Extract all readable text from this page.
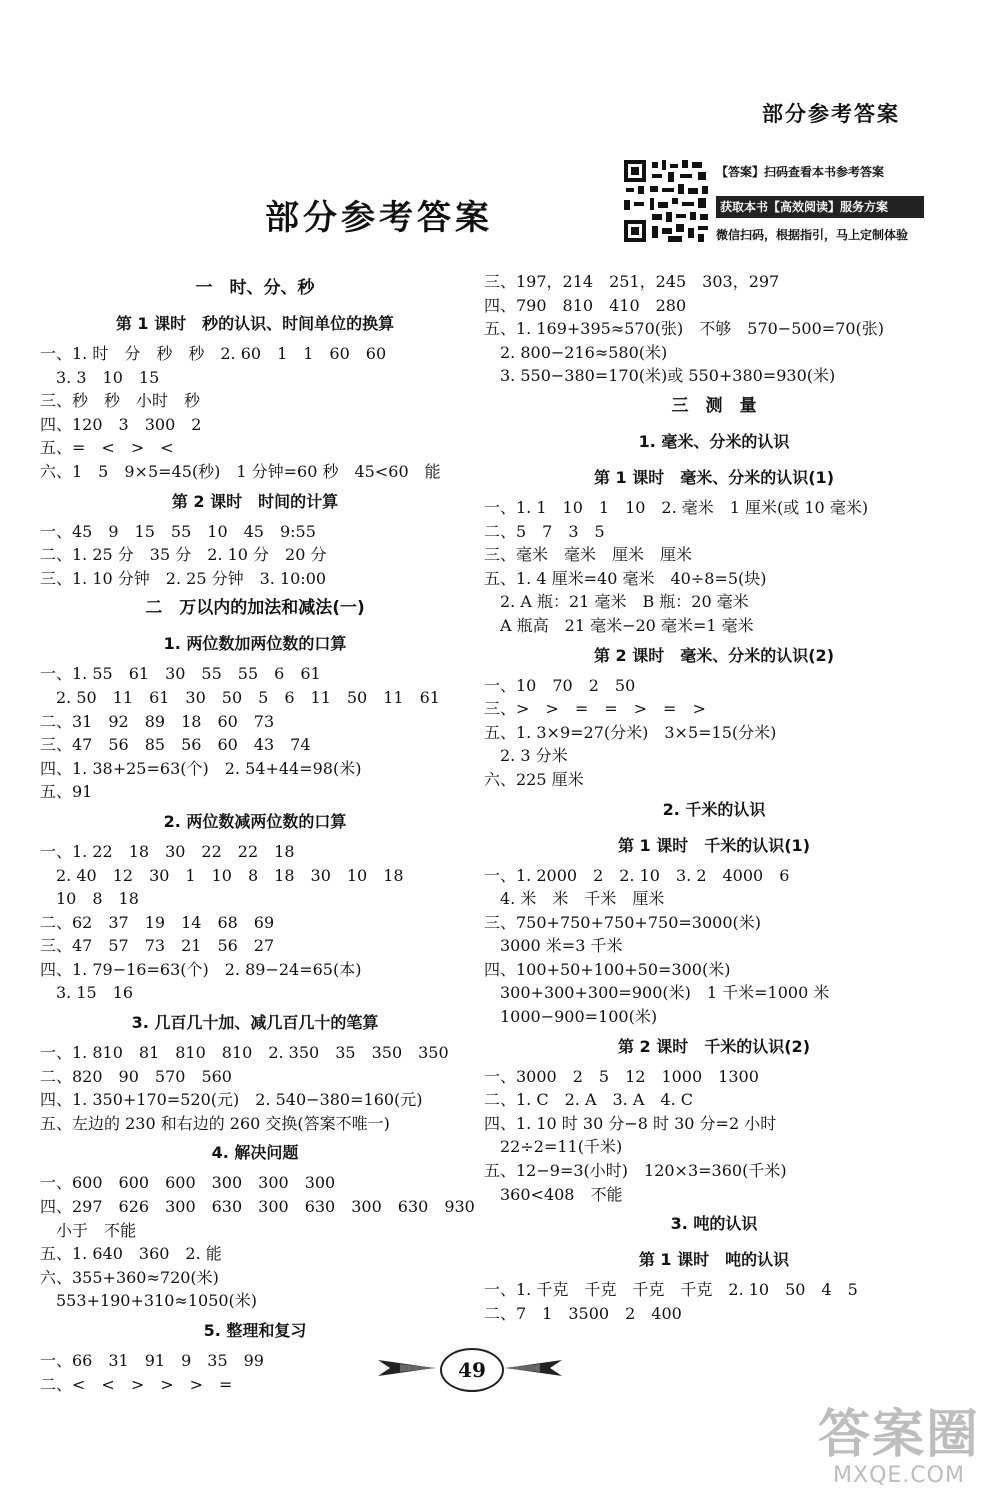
部分参考答案
部分参考答案
【答案】扫码查看本书参考答案
获取本书【高效阅读】服务方案
微信扫码，根据指引，马上定制体验
一　时、分、秒
第 1 课时　秒的认识、时间单位的换算
一、1. 时　分　秒　秒　2. 60　1　1　60　60
　3. 3　10　15
三、秒　秒　小时　秒
四、120　3　300　2
五、=　<　>　<
六、1　5　9×5=45(秒)　1 分钟=60 秒　45<60　能
第 2 课时　时间的计算
一、45　9　15　55　10　45　9:55
二、1. 25 分　35 分　2. 10 分　20 分
三、1. 10 分钟　2. 25 分钟　3. 10:00
二　万以内的加法和减法(一)
1. 两位数加两位数的口算
一、1. 55　61　30　55　55　6　61
　2. 50　11　61　30　50　5　6　11　50　11　61
二、31　92　89　18　60　73
三、47　56　85　56　60　43　74
四、1. 38+25=63(个)　2. 54+44=98(米)
五、91
2. 两位数减两位数的口算
一、1. 22　18　30　22　22　18
　2. 40　12　30　1　10　8　18　30　10　18
　10　8　18
二、62　37　19　14　68　69
三、47　57　73　21　56　27
四、1. 79−16=63(个)　2. 89−24=65(本)
　3. 15　16
3. 几百几十加、减几百几十的笔算
一、1. 810　81　810　810　2. 350　35　350　350
二、820　90　570　560
四、1. 350+170=520(元)　2. 540−380=160(元)
五、左边的 230 和右边的 260 交换(答案不唯一)
4. 解决问题
一、600　600　600　300　300　300
四、297　626　300　630　300　630　300　630　930
　小于　不能
五、1. 640　360　2. 能
六、355+360≈720(米)
　553+190+310≈1050(米)
5. 整理和复习
一、66　31　91　9　35　99
二、<　<　>　>　>　=
三、197，214　251，245　303，297
四、790　810　410　280
五、1. 169+395≈570(张)　不够　570−500=70(张)
　2. 800−216≈580(米)
　3. 550−380=170(米)或 550+380=930(米)
三　测　量
1. 毫米、分米的认识
第 1 课时　毫米、分米的认识(1)
一、1. 1　10　1　10　2. 毫米　1 厘米(或 10 毫米)
二、5　7　3　5
三、毫米　毫米　厘米　厘米
五、1. 4 厘米=40 毫米　40÷8=5(块)
　2. A 瓶：21 毫米　B 瓶：20 毫米
　A 瓶高　21 毫米−20 毫米=1 毫米
第 2 课时　毫米、分米的认识(2)
一、10　70　2　50
三、>　>　=　=　>　=　>
五、1. 3×9=27(分米)　3×5=15(分米)
　2. 3 分米
六、225 厘米
2. 千米的认识
第 1 课时　千米的认识(1)
一、1. 2000　2　2. 10　3. 2　4000　6
　4. 米　米　千米　厘米
三、750+750+750+750=3000(米)
　3000 米=3 千米
四、100+50+100+50=300(米)
　300+300+300=900(米)　1 千米=1000 米
　1000−900=100(米)
第 2 课时　千米的认识(2)
一、3000　2　5　12　1000　1300
二、1. C　2. A　3. A　4. C
四、1. 10 时 30 分−8 时 30 分=2 小时
　22÷2=11(千米)
五、12−9=3(小时)　120×3=360(千米)
　360<408　不能
3. 吨的认识
第 1 课时　吨的认识
一、1. 千克　千克　千克　千克　2. 10　50　4　5
二、7　1　3500　2　400
49
答案圈
MXQE.COM
